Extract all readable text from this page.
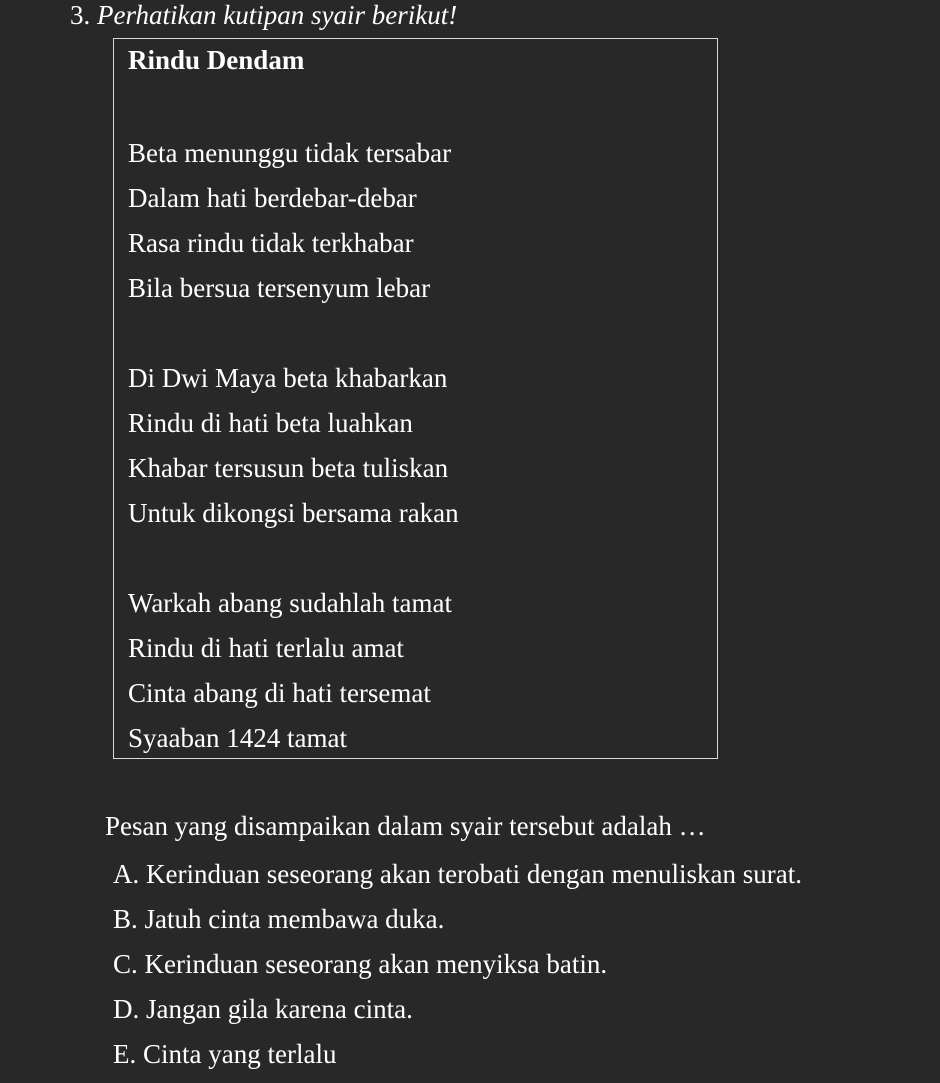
3. Perhatikan kutipan syair berikut!
Rindu Dendam
Beta menunggu tidak tersabar
Dalam hati berdebar-debar
Rasa rindu tidak terkhabar
Bila bersua tersenyum lebar
Di Dwi Maya beta khabarkan
Rindu di hati beta luahkan
Khabar tersusun beta tuliskan
Untuk dikongsi bersama rakan
Warkah abang sudahlah tamat
Rindu di hati terlalu amat
Cinta abang di hati tersemat
Syaaban 1424 tamat

Pesan yang disampaikan dalam syair tersebut adalah …

A. Kerinduan seseorang akan terobati dengan menuliskan surat.
B. Jatuh cinta membawa duka.
C. Kerinduan seseorang akan menyiksa batin.
D. Jangan gila karena cinta.
E. Cinta yang terlalu
